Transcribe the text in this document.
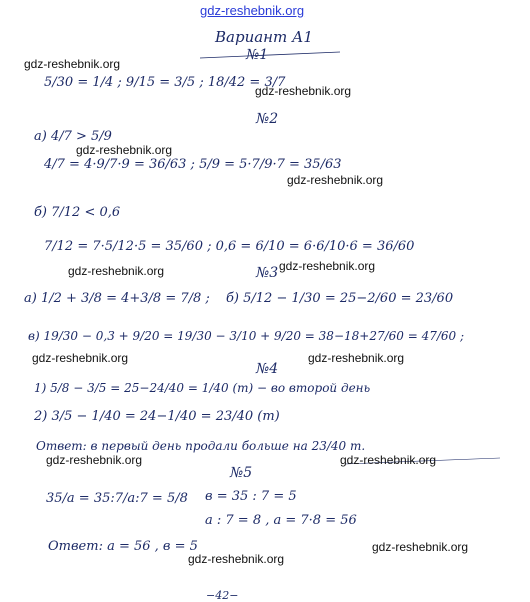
gdz-reshebnik.org
gdz-reshebnik.org
gdz-reshebnik.org
gdz-reshebnik.org
gdz-reshebnik.org
gdz-reshebnik.org	gdz-reshebnik.org
gdz-reshebnik.org	gdz-reshebnik.org
gdz-reshebnik.org	gdz-reshebnik.org
gdz-reshebnik.org
gdz-reshebnik.org
Вариант А1
№1
№2
№3
№4
№5
5/30 = 1/4 ; 9/15 = 3/5 ; 18/42 = 3/7
а) 4/7 > 5/9
4/7 = 4·9/7·9 = 36/63 ; 5/9 = 5·7/9·7 = 35/63
б) 7/12 < 0,6
7/12 = 7·5/12·5 = 35/60 ; 0,6 = 6/10 = 6·6/10·6 = 36/60
а) 1/2 + 3/8 = 4+3/8 = 7/8 ; б) 5/12 − 1/30 = 25−2/60 = 23/60
в) 19/30 − 0,3 + 9/20 = 19/30 − 3/10 + 9/20 = 38−18+27/60 = 47/60 ;
1) 5/8 − 3/5 = 25−24/40 = 1/40 (т) − во второй день
2) 3/5 − 1/40 = 24−1/40 = 23/40 (т)
Ответ: в первый день продали больше на 23/40 т.
35/a = 35:7/a:7 = 5/8 в = 35 : 7 = 5
a : 7 = 8 , a = 7·8 = 56
Ответ: a = 56 , в = 5
−42−
